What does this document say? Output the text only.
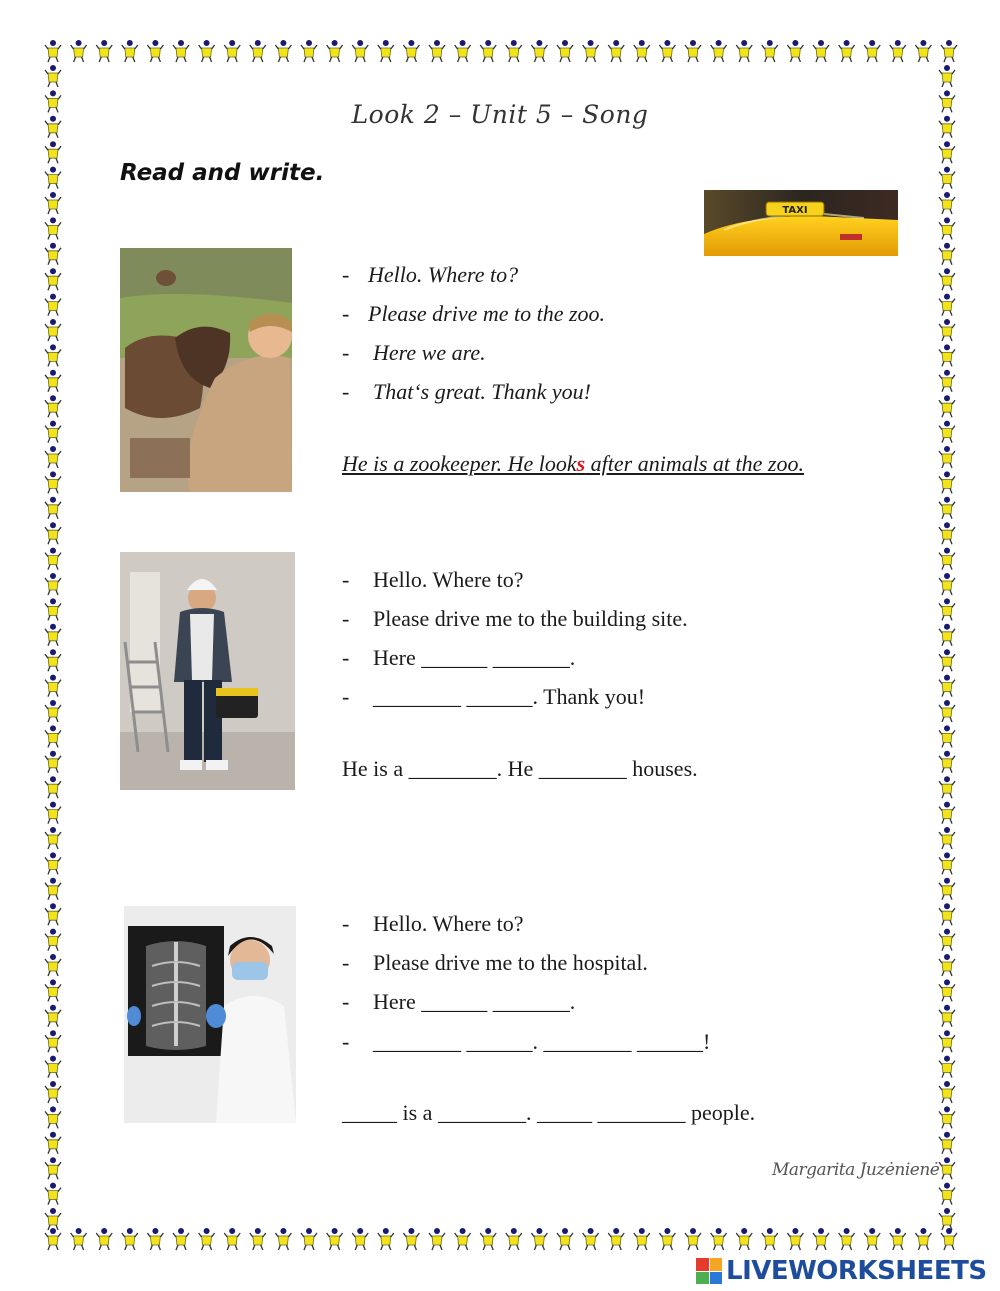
Look 2 – Unit 5 – Song
Read and write.
TAXI
- Hello. Where to?
- Please drive me to the zoo.
- Here we are.
- That‘s great. Thank you!
He is a zookeeper. He looks after animals at the zoo.
- Hello. Where to?
- Please drive me to the building site.
- Here ______ _______.
- ________ ______. Thank you!
He is a ________. He ________ houses.
- Hello. Where to?
- Please drive me to the hospital.
- Here ______ _______.
- ________ ______. ________ ______!
_____ is a ________. _____ ________ people.
Margarita Juzėnienė
LIVEWORKSHEETS
